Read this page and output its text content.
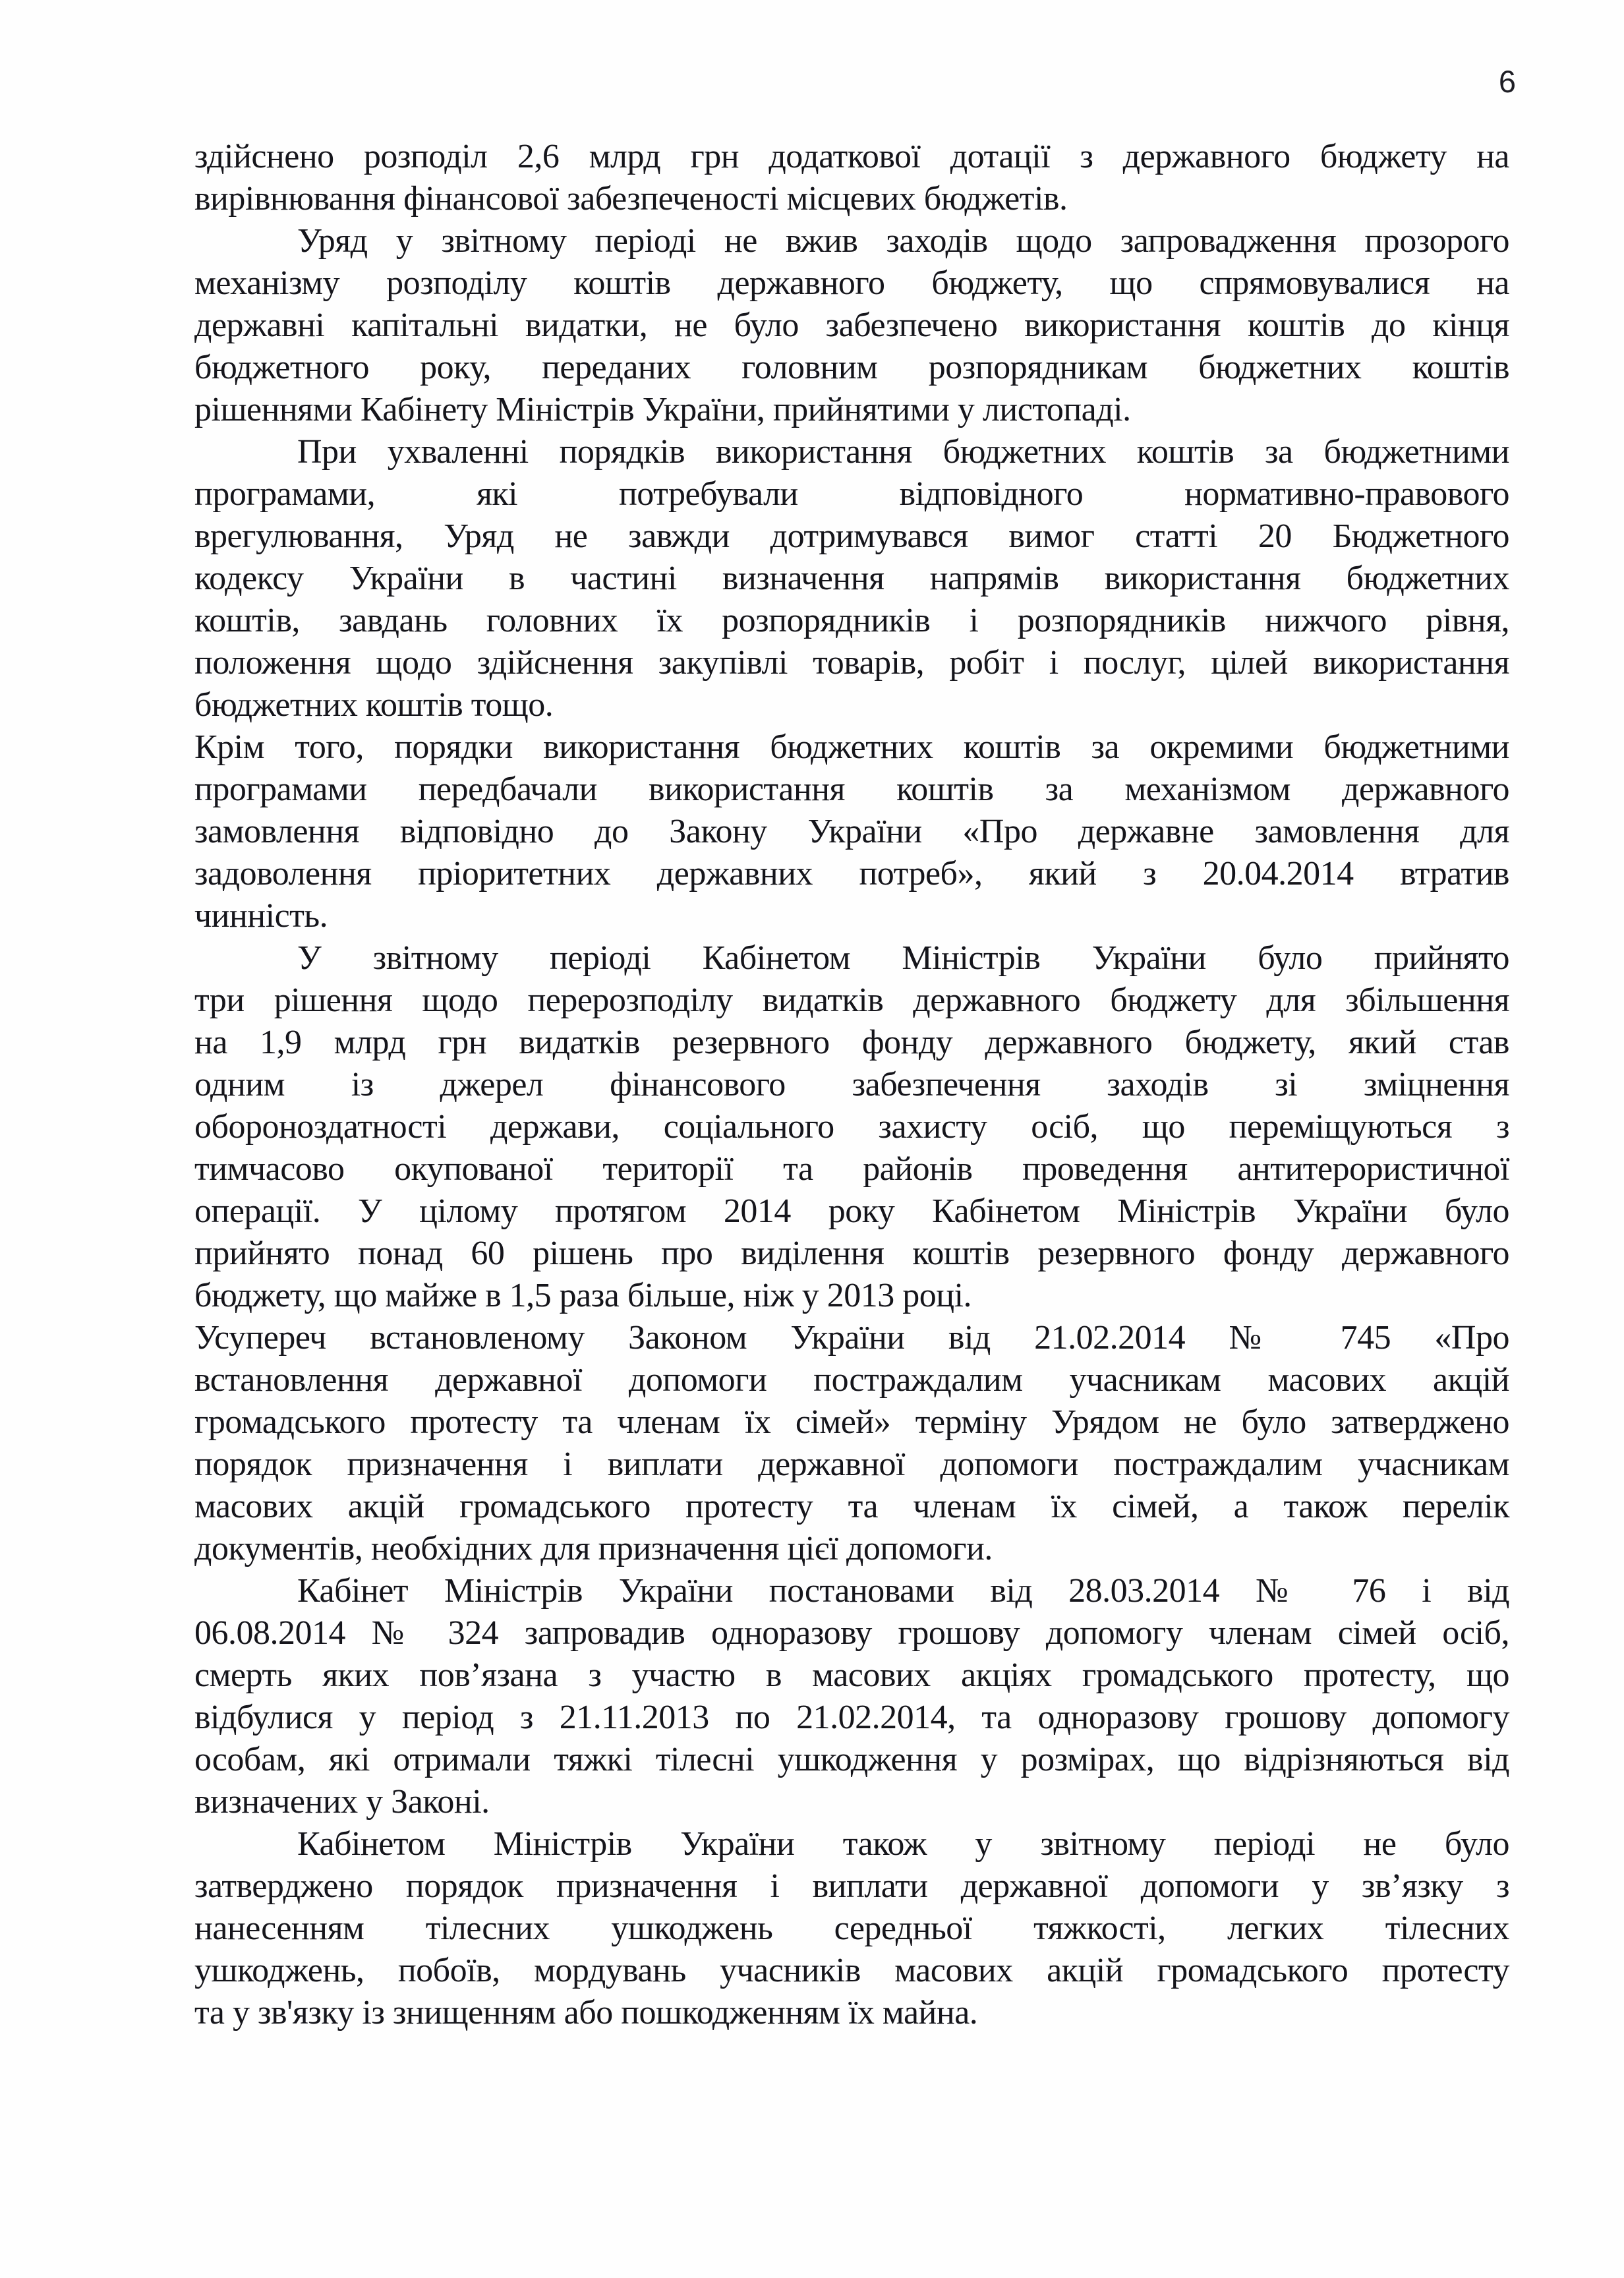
6
здійснено розподіл 2,6 млрд грн додаткової дотації з державного бюджету на
вирівнювання фінансової забезпеченості місцевих бюджетів.
Уряд у звітному періоді не вжив заходів щодо запровадження прозорого
механізму розподілу коштів державного бюджету, що спрямовувалися на
державні капітальні видатки, не було забезпечено використання коштів до кінця
бюджетного року, переданих головним розпорядникам бюджетних коштів
рішеннями Кабінету Міністрів України, прийнятими у листопаді.
При ухваленні порядків використання бюджетних коштів за бюджетними
програмами, які потребували відповідного нормативно-правового
врегулювання, Уряд не завжди дотримувався вимог статті 20 Бюджетного
кодексу України в частині визначення напрямів використання бюджетних
коштів, завдань головних їх розпорядників і розпорядників нижчого рівня,
положення щодо здійснення закупівлі товарів, робіт і послуг, цілей використання
бюджетних коштів тощо.
Крім того, порядки використання бюджетних коштів за окремими бюджетними
програмами передбачали використання коштів за механізмом державного
замовлення відповідно до Закону України «Про державне замовлення для
задоволення пріоритетних державних потреб», який з 20.04.2014 втратив
чинність.
У звітному періоді Кабінетом Міністрів України було прийнято
три рішення щодо перерозподілу видатків державного бюджету для збільшення
на 1,9 млрд грн видатків резервного фонду державного бюджету, який став
одним із джерел фінансового забезпечення заходів зі зміцнення
обороноздатності держави, соціального захисту осіб, що переміщуються з
тимчасово окупованої території та районів проведення антитерористичної
операції. У цілому протягом 2014 року Кабінетом Міністрів України було
прийнято понад 60 рішень про виділення коштів резервного фонду державного
бюджету, що майже в 1,5 раза більше, ніж у 2013 році.
Усупереч встановленому Законом України від 21.02.2014 № 745 «Про
встановлення державної допомоги постраждалим учасникам масових акцій
громадського протесту та членам їх сімей» терміну Урядом не було затверджено
порядок призначення і виплати державної допомоги постраждалим учасникам
масових акцій громадського протесту та членам їх сімей, а також перелік
документів, необхідних для призначення цієї допомоги.
Кабінет Міністрів України постановами від 28.03.2014 № 76 і від
06.08.2014 № 324 запровадив одноразову грошову допомогу членам сімей осіб,
смерть яких пов’язана з участю в масових акціях громадського протесту, що
відбулися у період з 21.11.2013 по 21.02.2014, та одноразову грошову допомогу
особам, які отримали тяжкі тілесні ушкодження у розмірах, що відрізняються від
визначених у Законі.
Кабінетом Міністрів України також у звітному періоді не було
затверджено порядок призначення і виплати державної допомоги у зв’язку з
нанесенням тілесних ушкоджень середньої тяжкості, легких тілесних
ушкоджень, побоїв, мордувань учасників масових акцій громадського протесту
та у зв'язку із знищенням або пошкодженням їх майна.
